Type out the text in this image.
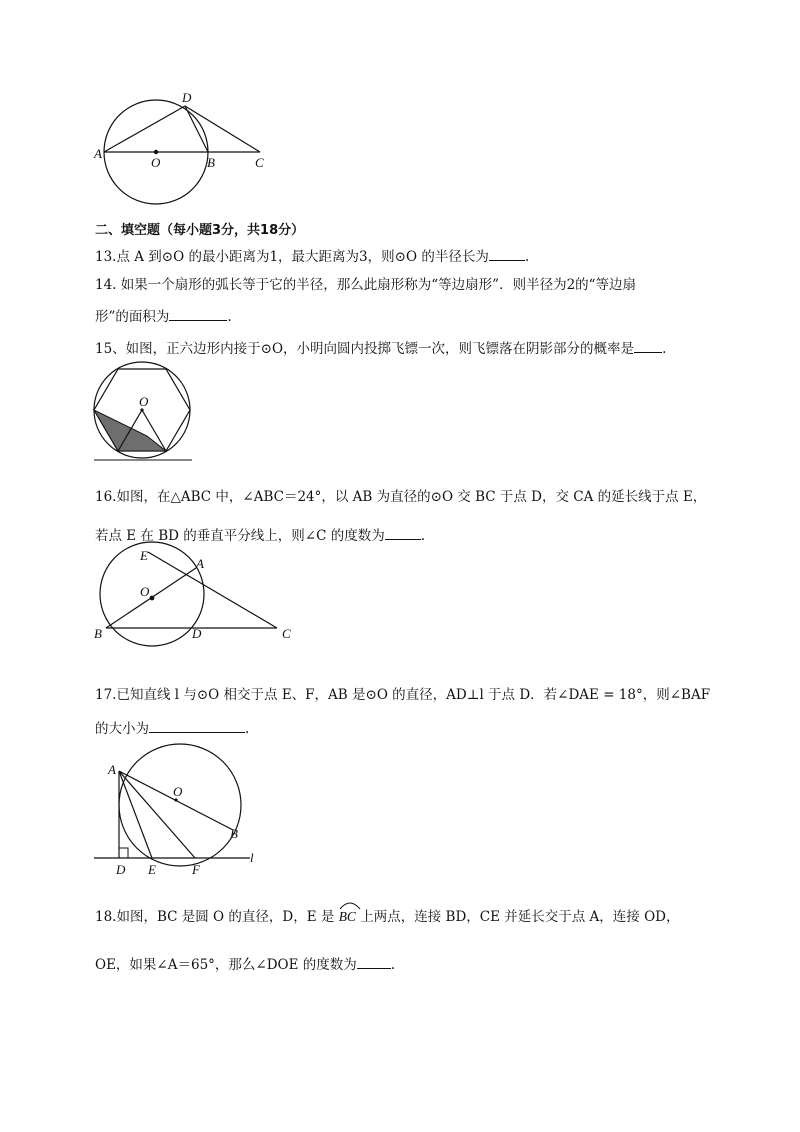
A
O	B	C
D
二、填空题（每小题3分，共18分）
13.点 A 到⊙O 的最小距离为1，最大距离为3，则⊙O 的半径长为	.
14. 如果一个扇形的弧长等于它的半径，那么此扇形称为“等边扇形”．则半径为2的“等边扇
形”的面积为	.
15、如图，正六边形内接于⊙O，小明向圆内投掷飞镖一次，则飞镖落在阴影部分的概率是 .
O
16.如图，在△ABC 中，∠ABC＝24°，以 AB 为直径的⊙O 交 BC 于点 D，交 CA 的延长线于点 E，
若点 E 在 BD 的垂直平分线上，则∠C 的度数为	.
E
A
O
B	D	C
17.已知直线 l 与⊙O 相交于点 E、F，AB 是⊙O 的直径，AD⊥l 于点 D．若∠DAE = 18°，则∠BAF
的大小为	.
A
O
B
D E	F
l
18.如图，BC 是圆 O 的直径，D，E 是 BC 上两点，连接 BD，CE 并延长交于点 A，连接 OD，
OE，如果∠A＝65°，那么∠DOE 的度数为	.
